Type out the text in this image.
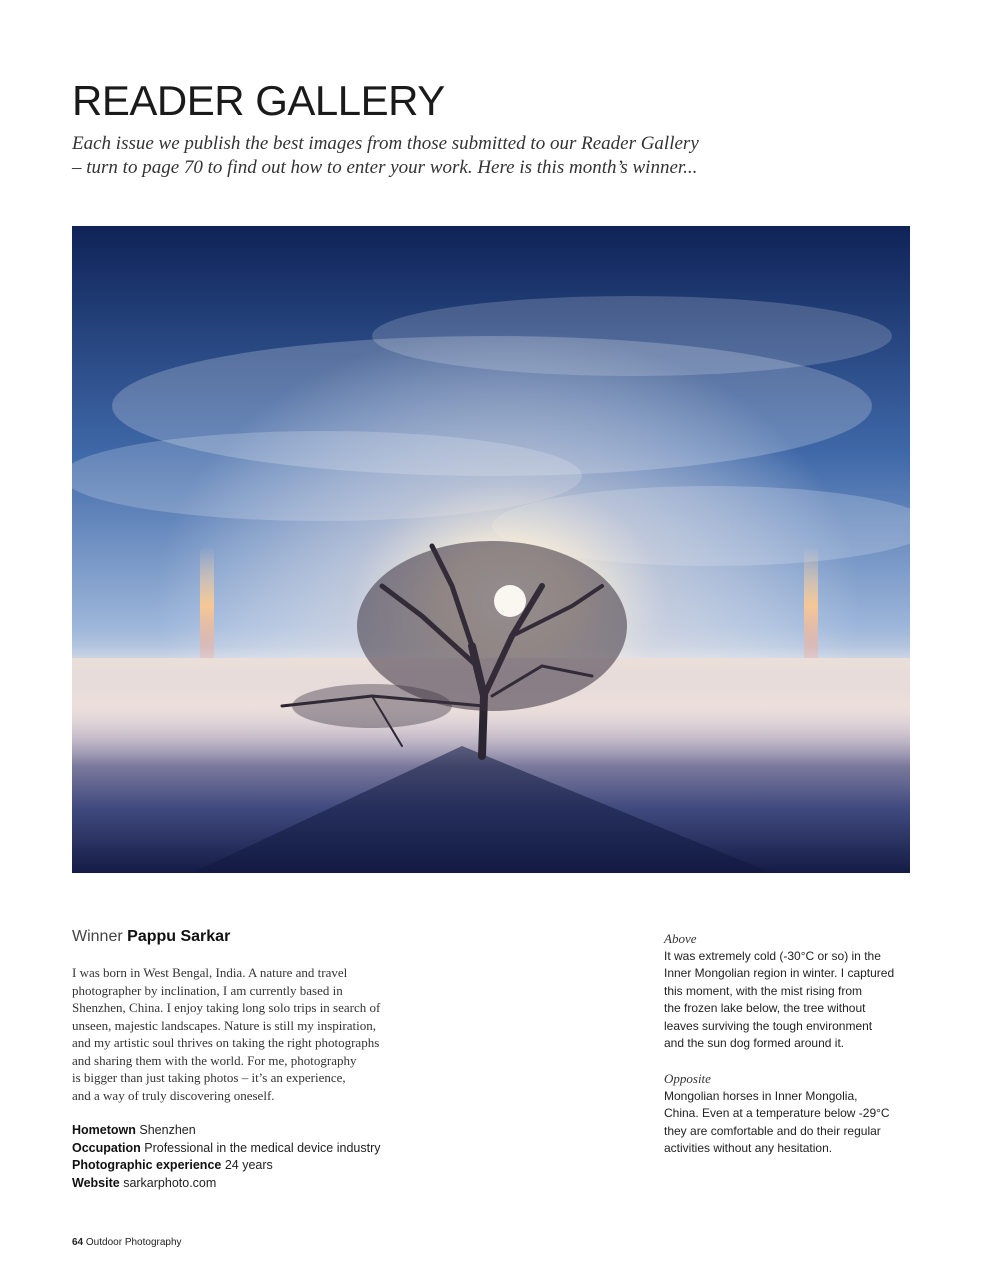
READER GALLERY

Each issue we publish the best images from those submitted to our Reader Gallery
– turn to page 70 to find out how to enter your work. Here is this month’s winner...

Winner Pappu Sarkar
I was born in West Bengal, India. A nature and travel
photographer by inclination, I am currently based in
Shenzhen, China. I enjoy taking long solo trips in search of
unseen, majestic landscapes. Nature is still my inspiration,
and my artistic soul thrives on taking the right photographs
and sharing them with the world. For me, photography
is bigger than just taking photos – it’s an experience,
and a way of truly discovering oneself.
Hometown Shenzhen
Occupation Professional in the medical device industry
Photographic experience 24 years
Website sarkarphoto.com
Above
It was extremely cold (-30°C or so) in the
Inner Mongolian region in winter. I captured
this moment, with the mist rising from
the frozen lake below, the tree without
leaves surviving the tough environment
and the sun dog formed around it.
Opposite
Mongolian horses in Inner Mongolia,
China. Even at a temperature below -29°C
they are comfortable and do their regular
activities without any hesitation.
64 Outdoor Photography
